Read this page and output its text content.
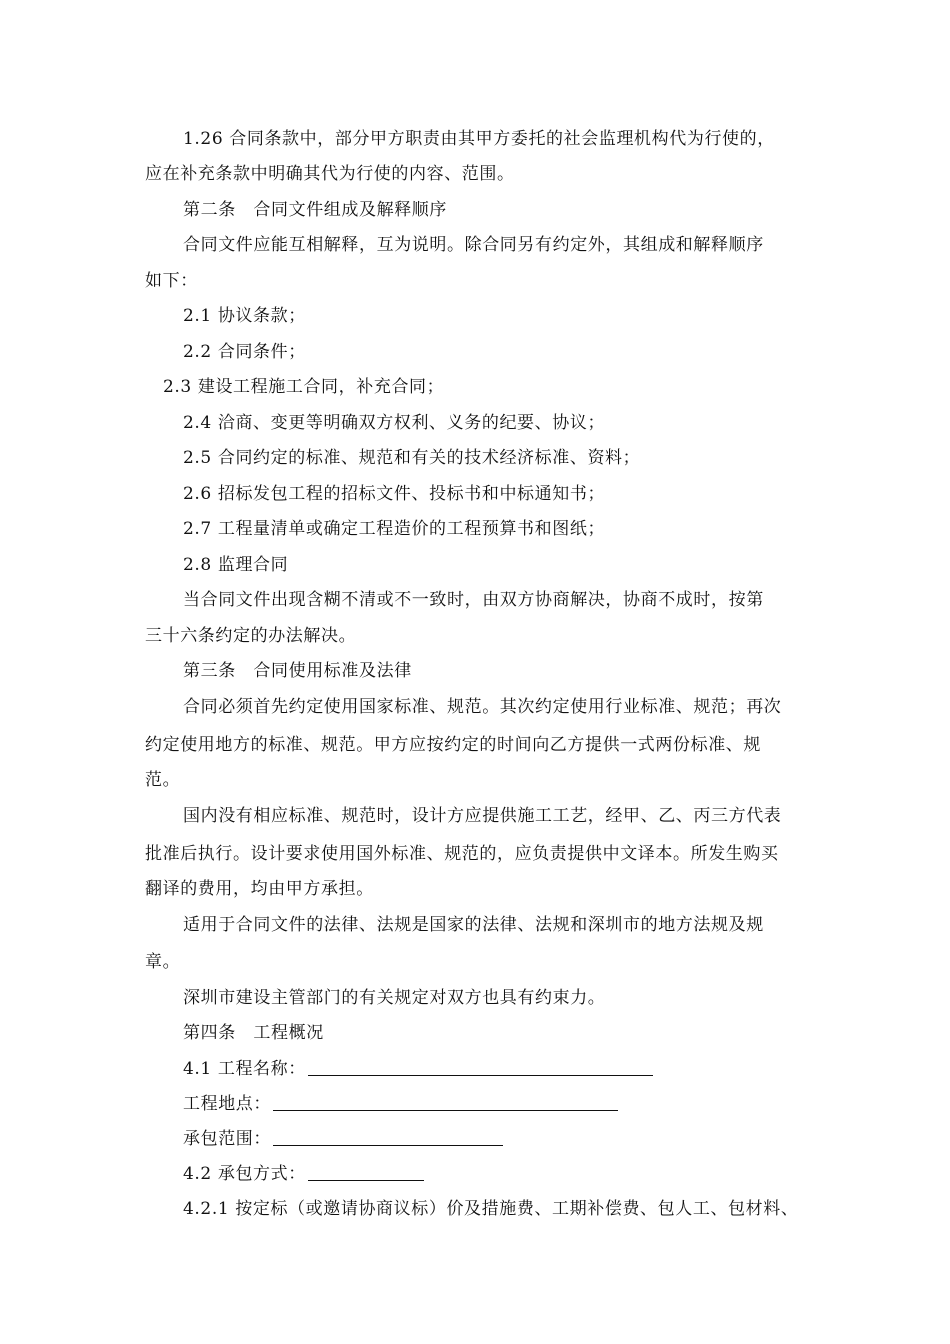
1.26 合同条款中，部分甲方职责由其甲方委托的社会监理机构代为行使的，
应在补充条款中明确其代为行使的内容、范围。
第二条　合同文件组成及解释顺序
合同文件应能互相解释，互为说明。除合同另有约定外，其组成和解释顺序
如下：
2.1 协议条款；
2.2 合同条件；
2.3 建设工程施工合同，补充合同；
2.4 洽商、变更等明确双方权利、义务的纪要、协议；
2.5 合同约定的标准、规范和有关的技术经济标准、资料；
2.6 招标发包工程的招标文件、投标书和中标通知书；
2.7 工程量清单或确定工程造价的工程预算书和图纸；
2.8 监理合同
当合同文件出现含糊不清或不一致时，由双方协商解决，协商不成时，按第
三十六条约定的办法解决。
第三条　合同使用标准及法律
合同必须首先约定使用国家标准、规范。其次约定使用行业标准、规范；再次
约定使用地方的标准、规范。甲方应按约定的时间向乙方提供一式两份标准、规
范。
国内没有相应标准、规范时，设计方应提供施工工艺，经甲、乙、丙三方代表
批准后执行。设计要求使用国外标准、规范的，应负责提供中文译本。所发生购买
翻译的费用，均由甲方承担。
适用于合同文件的法律、法规是国家的法律、法规和深圳市的地方法规及规
章。
深圳市建设主管部门的有关规定对双方也具有约束力。
第四条　工程概况
4.1 工程名称：
工程地点：
承包范围：
4.2 承包方式：
4.2.1 按定标（或邀请协商议标）价及措施费、工期补偿费、包人工、包材料、
